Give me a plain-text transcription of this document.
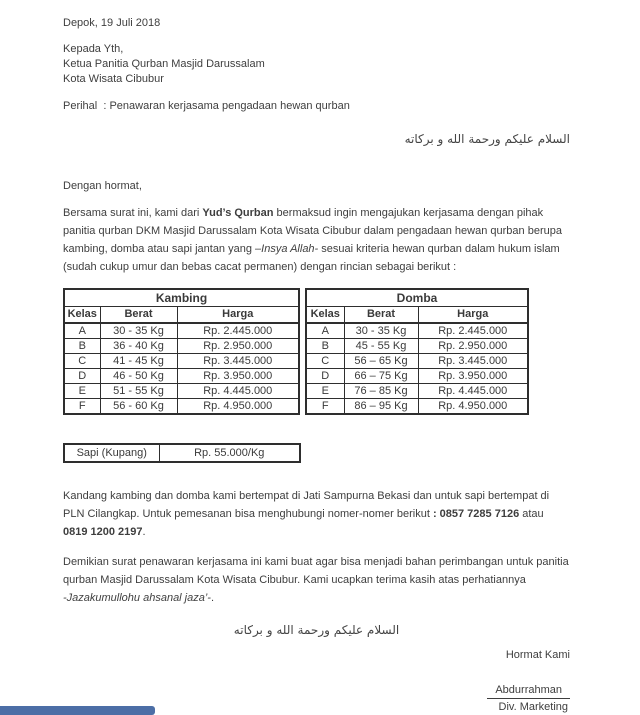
Depok, 19 Juli 2018
Kepada Yth,
Ketua Panitia Qurban Masjid Darussalam
Kota Wisata Cibubur
Perihal  : Penawaran kerjasama pengadaan hewan qurban
السلام عليكم ورحمة الله و بركاته
Dengan hormat,

Bersama surat ini, kami dari Yud’s Qurban bermaksud ingin mengajukan kerjasama dengan pihak panitia qurban DKM Masjid Darussalam Kota Wisata Cibubur dalam pengadaan hewan qurban berupa kambing, domba atau sapi jantan yang –Insya Allah- sesuai kriteria hewan qurban dalam hukum islam (sudah cukup umur dan bebas cacat permanen) dengan rincian sebagai berikut :

Kambing		
Kelas	Berat	Harga
A	30 - 35 Kg	Rp. 2.445.000
B	36 - 40 Kg	Rp. 2.950.000
C	41 - 45 Kg	Rp. 3.445.000
D	46 - 50 Kg	Rp. 3.950.000
E	51 - 55 Kg	Rp. 4.445.000
F	56 - 60 Kg	Rp. 4.950.000
Domba		
Kelas	Berat	Harga
A	30 - 35 Kg	Rp. 2.445.000
B	45 - 55 Kg	Rp. 2.950.000
C	56 – 65 Kg	Rp. 3.445.000
D	66 – 75 Kg	Rp. 3.950.000
E	76 – 85 Kg	Rp. 4.445.000
F	86 – 95 Kg	Rp. 4.950.000
Sapi (Kupang)	Rp. 55.000/Kg

Kandang kambing dan domba kami bertempat di Jati Sampurna Bekasi dan untuk sapi bertempat di PLN Cilangkap. Untuk pemesanan bisa menghubungi nomer-nomer berikut : 0857 7285 7126 atau 0819 1200 2197.

Demikian surat penawaran kerjasama ini kami buat agar bisa menjadi bahan perimbangan untuk panitia qurban Masjid Darussalam Kota Wisata Cibubur. Kami ucapkan terima kasih atas perhatiannya
-Jazakumullohu ahsanal jaza’-.

السلام عليكم ورحمة الله و بركاته
Hormat Kami
Abdurrahman
Div. Marketing
